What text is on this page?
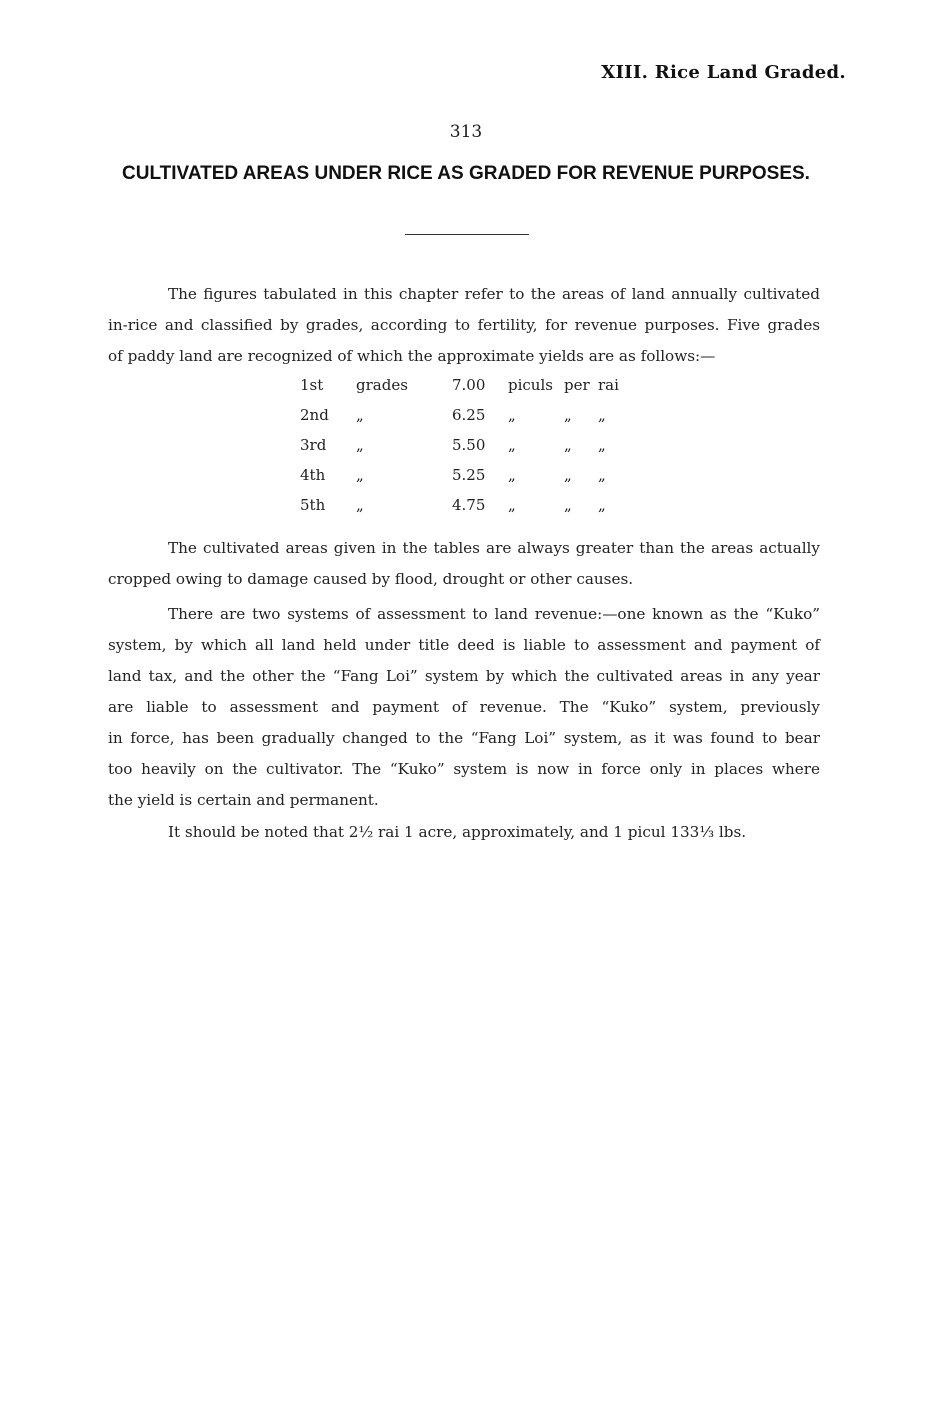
XIII. Rice Land Graded.
313
CULTIVATED AREAS UNDER RICE AS GRADED FOR REVENUE PURPOSES.
The figures tabulated in this chapter refer to the areas of land annually cultivated
in-rice and classified by grades, according to fertility, for revenue purposes. Five grades
of paddy land are recognized of which the approximate yields are as follows:—
1st grades	7.00 piculs per rai
2nd „	6.25 „	„ „
3rd „	5.50 „	„ „
4th „	5.25 „	„ „
5th „	4.75 „	„ „
The cultivated areas given in the tables are always greater than the areas actually
cropped owing to damage caused by flood, drought or other causes.
There are two systems of assessment to land revenue:—one known as the “Kuko”
system, by which all land held under title deed is liable to assessment and payment of
land tax, and the other the “Fang Loi” system by which the cultivated areas in any year
are liable to assessment and payment of revenue. The “Kuko” system, previously
in force, has been gradually changed to the “Fang Loi” system, as it was found to bear
too heavily on the cultivator. The “Kuko” system is now in force only in places where
the yield is certain and permanent.
It should be noted that 2½ rai 1 acre, approximately, and 1 picul 133⅓ lbs.
